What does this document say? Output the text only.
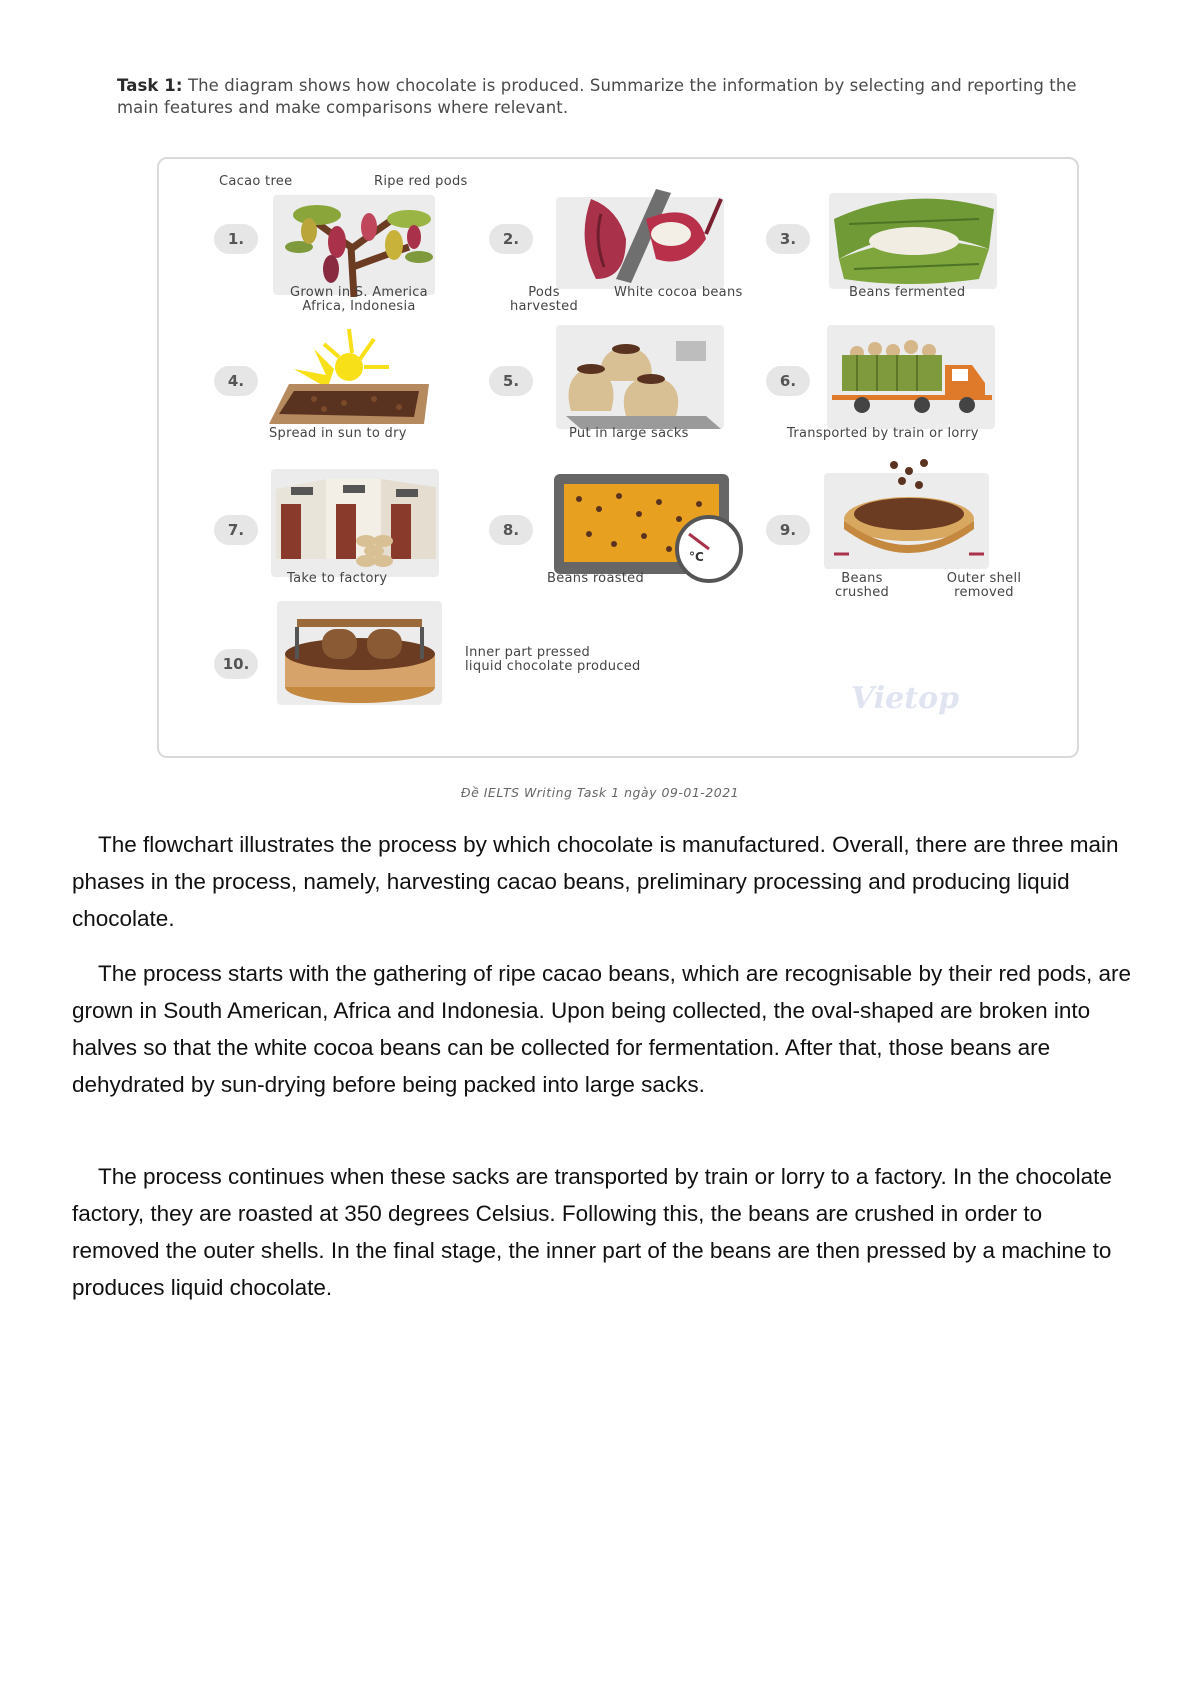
Task 1: The diagram shows how chocolate is produced. Summarize the information by selecting and reporting the main features and make comparisons where relevant.
Cacao tree	Ripe red pods
1.
Grown in S. America
Africa, Indonesia
2.
Pods
harvested
White cocoa beans
3.
Beans fermented
4.
Spread in sun to dry
5.
Put in large sacks
6.
Transported by train or lorry
7.
Take to factory
8.
°C
Beans roasted
9.
Beans
crushed
Outer shell
removed
10.
Inner part pressed
liquid chocolate produced
Vietop
Đề IELTS Writing Task 1 ngày 09-01-2021

The flowchart illustrates the process by which chocolate is manufactured. Overall, there are three main phases in the process, namely, harvesting cacao beans, preliminary processing and producing liquid chocolate.

The process starts with the gathering of ripe cacao beans, which are recognisable by their red pods, are grown in South American, Africa and Indonesia. Upon being collected, the oval-shaped are broken into halves so that the white cocoa beans can be collected for fermentation. After that, those beans are dehydrated by sun-drying before being packed into large sacks.

The process continues when these sacks are transported by train or lorry to a factory. In the chocolate factory, they are roasted at 350 degrees Celsius. Following this, the beans are crushed in order to removed the outer shells. In the final stage, the inner part of the beans are then pressed by a machine to produces liquid chocolate.
